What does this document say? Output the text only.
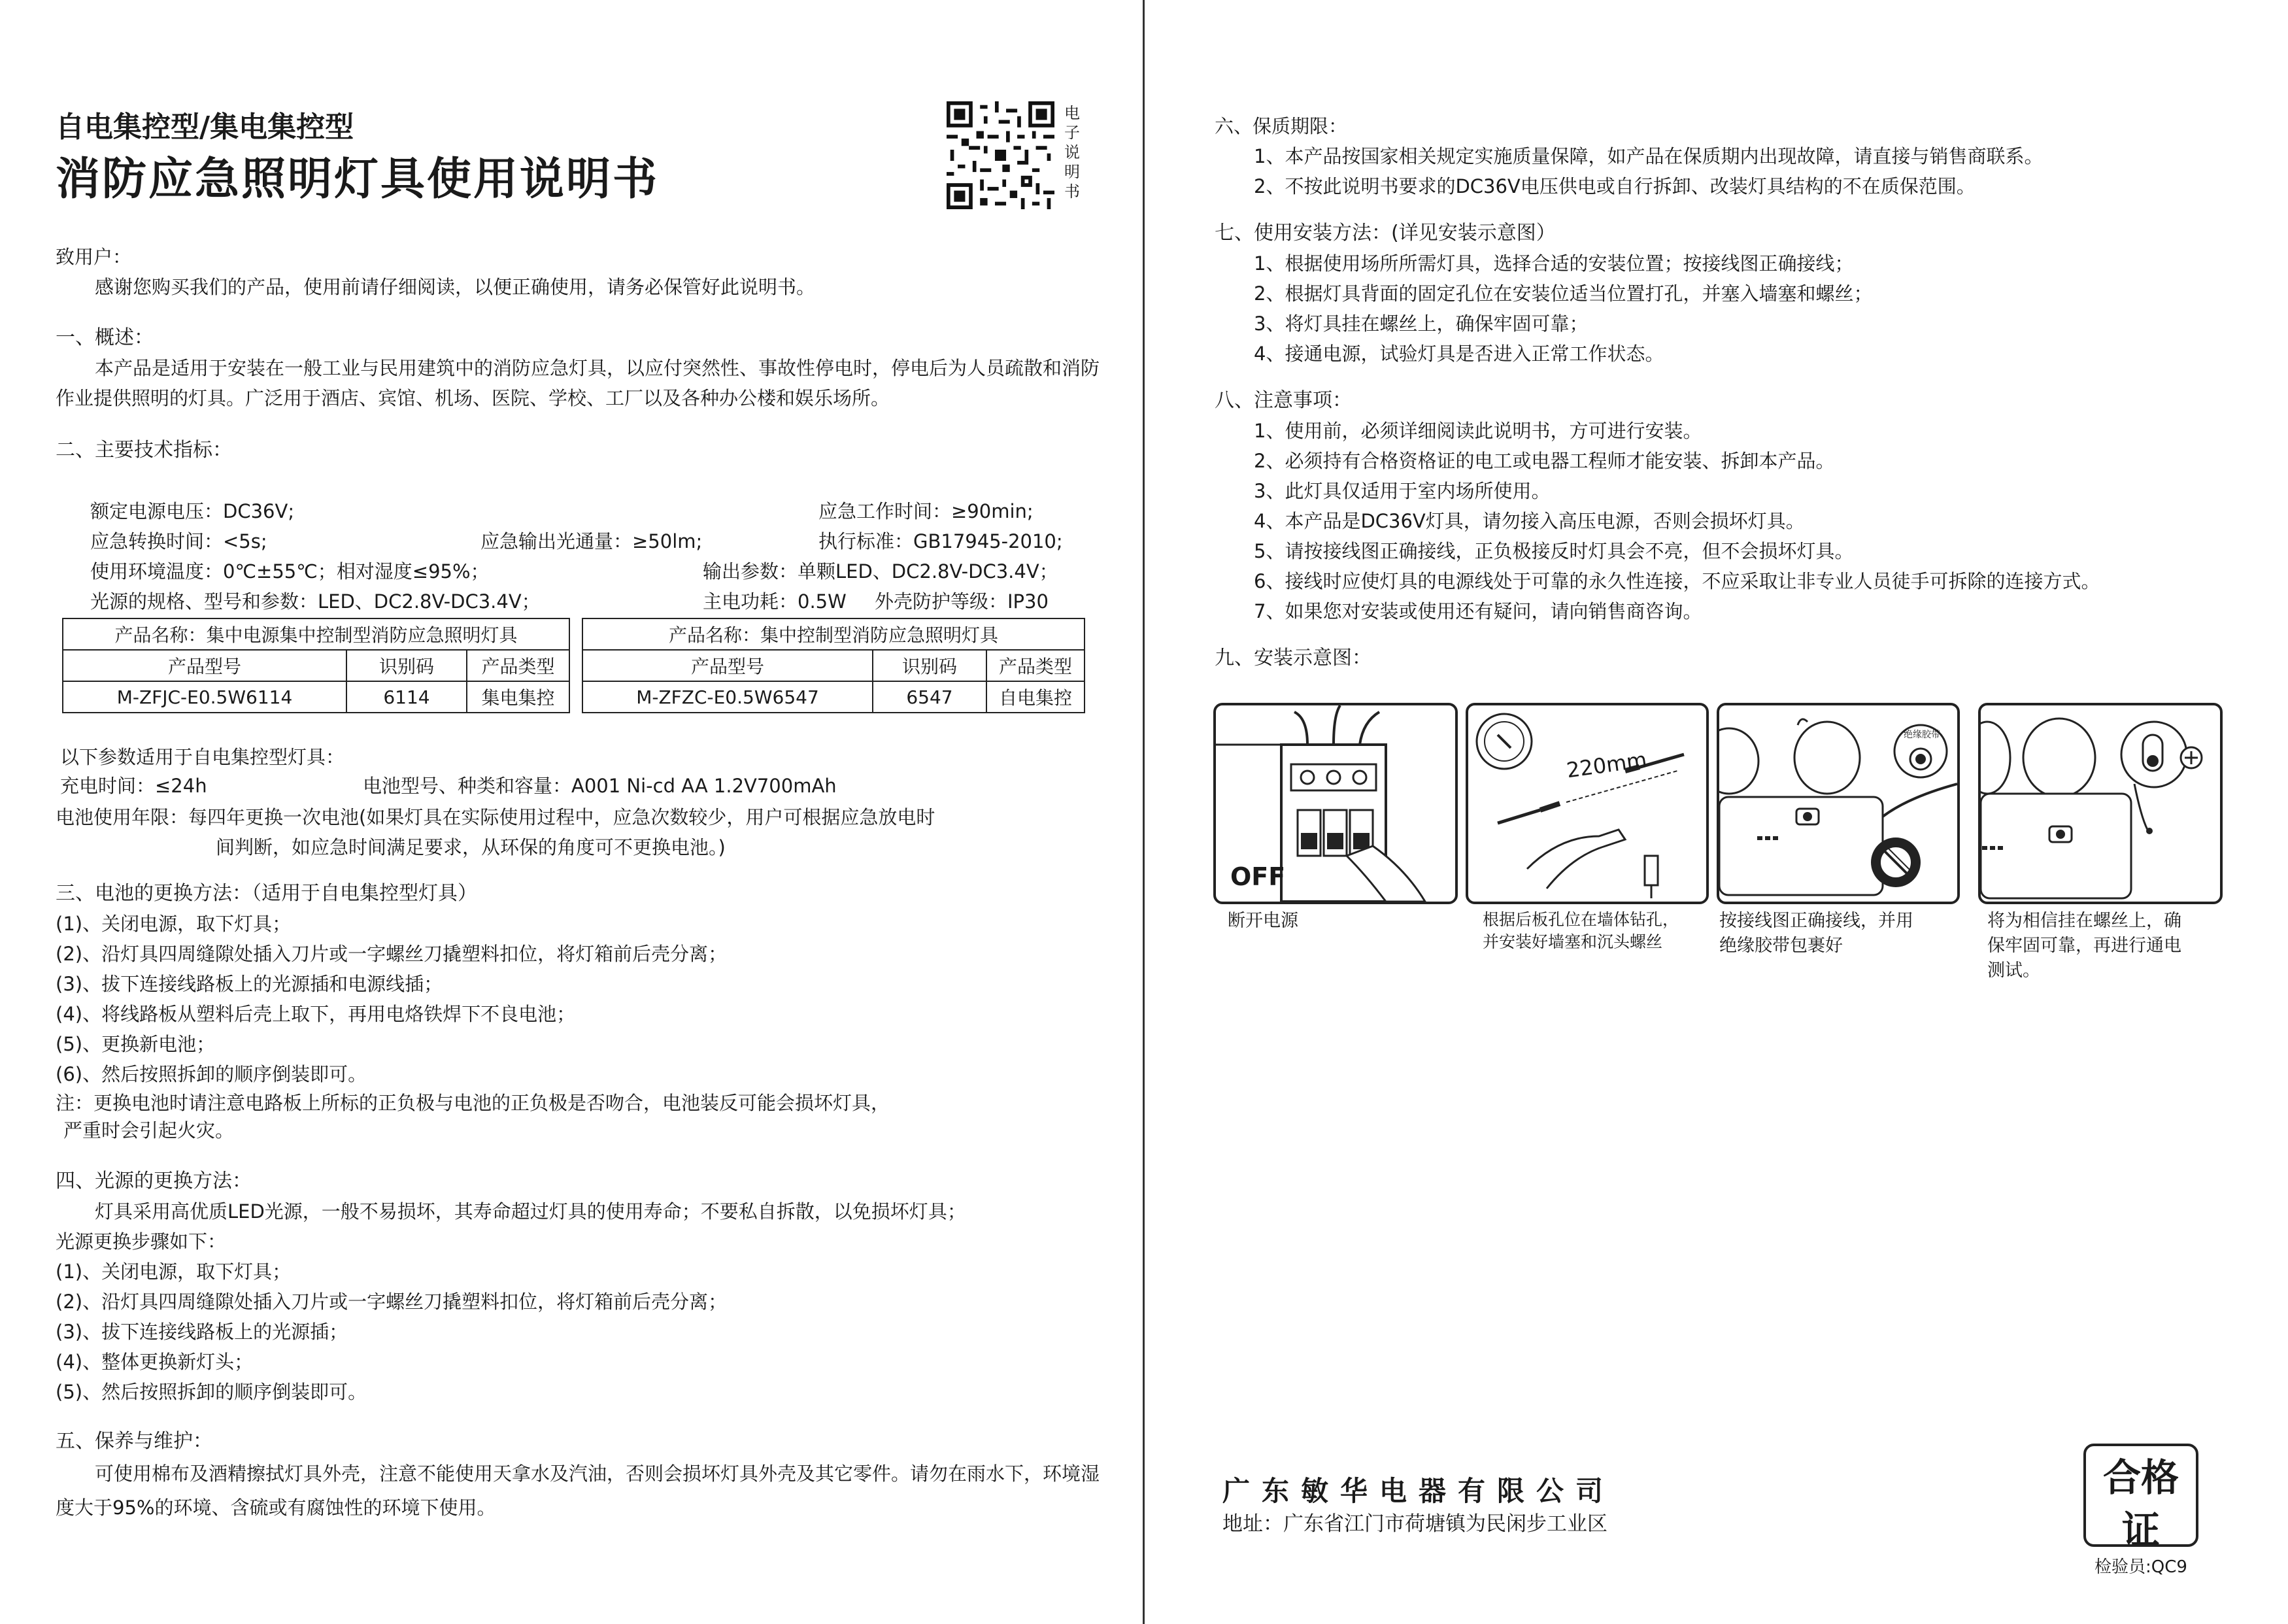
自电集控型/集电集控型
消防应急照明灯具使用说明书
电子说明书
致用户：
感谢您购买我们的产品，使用前请仔细阅读，以便正确使用，请务必保管好此说明书。
一、概述：
本产品是适用于安装在一般工业与民用建筑中的消防应急灯具，以应付突然性、事故性停电时，停电后为人员疏散和消防作业提供照明的灯具。广泛用于酒店、宾馆、机场、医院、学校、工厂以及各种办公楼和娱乐场所。
二、主要技术指标：
额定电源电压：DC36V;	应急工作时间：≥90min;
应急转换时间：<5s;	应急输出光通量：≥50lm;	执行标准：GB17945-2010;
使用环境温度：0℃±55℃；相对湿度≤95%；	输出参数：单颗LED、DC2.8V-DC3.4V；
光源的规格、型号和参数：LED、DC2.8V-DC3.4V；	主电功耗：0.5W 外壳防护等级：IP30
产品名称：集中电源集中控制型消防应急照明灯具		
产品型号	识别码	产品类型
M-ZFJC-E0.5W6114	6114	集电集控
产品名称：集中控制型消防应急照明灯具		
产品型号	识别码	产品类型
M-ZFZC-E0.5W6547	6547	自电集控
以下参数适用于自电集控型灯具：
充电时间：≤24h	电池型号、种类和容量：A001 Ni-cd AA 1.2V700mAh
电池使用年限：每四年更换一次电池(如果灯具在实际使用过程中，应急次数较少，用户可根据应急放电时
间判断，如应急时间满足要求，从环保的角度可不更换电池。)
三、电池的更换方法：（适用于自电集控型灯具）
(1)、关闭电源，取下灯具；
(2)、沿灯具四周缝隙处插入刀片或一字螺丝刀撬塑料扣位，将灯箱前后壳分离；
(3)、拔下连接线路板上的光源插和电源线插；
(4)、将线路板从塑料后壳上取下，再用电烙铁焊下不良电池；
(5)、更换新电池；
(6)、然后按照拆卸的顺序倒装即可。
注：更换电池时请注意电路板上所标的正负极与电池的正负极是否吻合，电池装反可能会损坏灯具，
严重时会引起火灾。
四、光源的更换方法：
灯具采用高优质LED光源，一般不易损坏，其寿命超过灯具的使用寿命；不要私自拆散，以免损坏灯具；
光源更换步骤如下：
(1)、关闭电源，取下灯具；
(2)、沿灯具四周缝隙处插入刀片或一字螺丝刀撬塑料扣位，将灯箱前后壳分离；
(3)、拔下连接线路板上的光源插；
(4)、整体更换新灯头；
(5)、然后按照拆卸的顺序倒装即可。
五、保养与维护：
可使用棉布及酒精擦拭灯具外壳，注意不能使用天拿水及汽油，否则会损坏灯具外壳及其它零件。请勿在雨水下，环境湿度大于95%的环境、含硫或有腐蚀性的环境下使用。
六、保质期限：
1、本产品按国家相关规定实施质量保障，如产品在保质期内出现故障，请直接与销售商联系。
2、不按此说明书要求的DC36V电压供电或自行拆卸、改装灯具结构的不在质保范围。
七、使用安装方法：(详见安装示意图）
1、根据使用场所所需灯具，选择合适的安装位置；按接线图正确接线；
2、根据灯具背面的固定孔位在安装位适当位置打孔，并塞入墙塞和螺丝；
3、将灯具挂在螺丝上，确保牢固可靠；
4、接通电源，试验灯具是否进入正常工作状态。
八、注意事项：
1、使用前，必须详细阅读此说明书，方可进行安装。
2、必须持有合格资格证的电工或电器工程师才能安装、拆卸本产品。
3、此灯具仅适用于室内场所使用。
4、本产品是DC36V灯具，请勿接入高压电源，否则会损坏灯具。
5、请按接线图正确接线，正负极接反时灯具会不亮，但不会损坏灯具。
6、接线时应使灯具的电源线处于可靠的永久性连接，不应采取让非专业人员徒手可拆除的连接方式。
7、如果您对安装或使用还有疑问，请向销售商咨询。
九、安装示意图：
OFF
220mm
绝缘胶带
断开电源	根据后板孔位在墙体钻孔，
并安装好墙塞和沉头螺丝
按接线图正确接线，并用
绝缘胶带包裹好
将为相信挂在螺丝上，确
保牢固可靠，再进行通电
测试。
广东敏华电器有限公司
地址：广东省江门市荷塘镇为民闲步工业区
合格证
检验员:QC9
